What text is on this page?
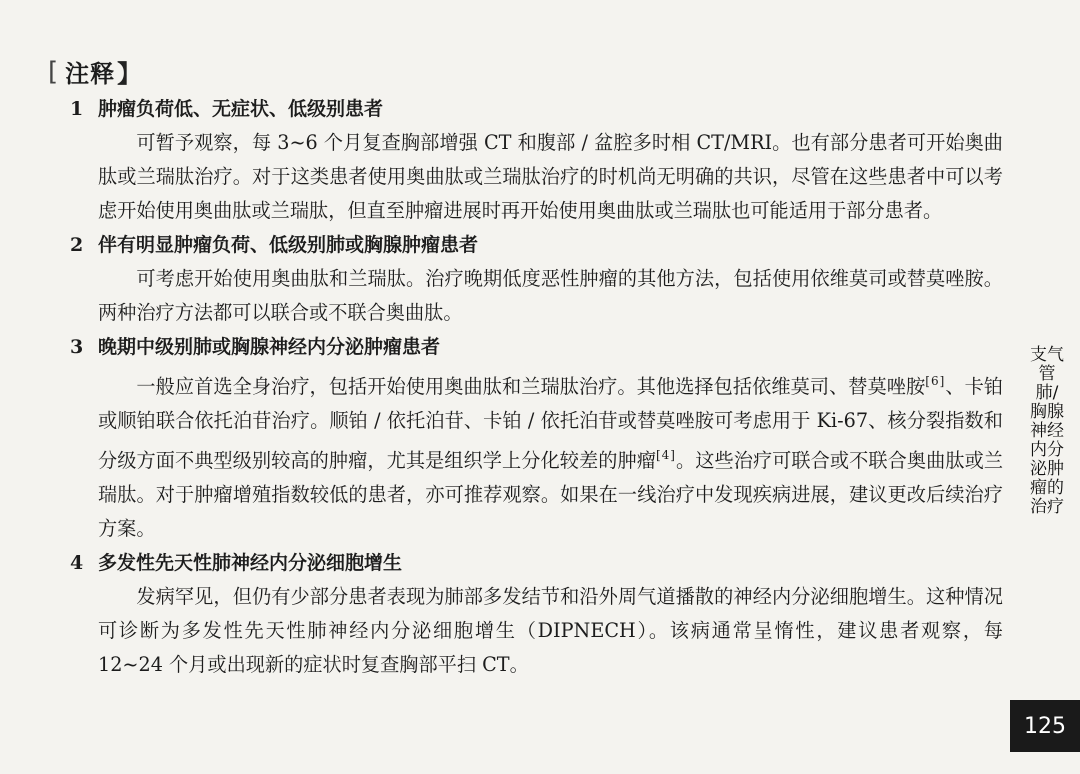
[ 注释 】
1 肿瘤负荷低、无症状、低级别患者
可暂予观察，每 3~6 个月复查胸部增强 CT 和腹部 / 盆腔多时相 CT/MRI。也有部分患者可开始奥曲肽或兰瑞肽治疗。对于这类患者使用奥曲肽或兰瑞肽治疗的时机尚无明确的共识，尽管在这些患者中可以考虑开始使用奥曲肽或兰瑞肽，但直至肿瘤进展时再开始使用奥曲肽或兰瑞肽也可能适用于部分患者。
2 伴有明显肿瘤负荷、低级别肺或胸腺肿瘤患者
可考虑开始使用奥曲肽和兰瑞肽。治疗晚期低度恶性肿瘤的其他方法，包括使用依维莫司或替莫唑胺。两种治疗方法都可以联合或不联合奥曲肽。
3 晚期中级别肺或胸腺神经内分泌肿瘤患者
一般应首选全身治疗，包括开始使用奥曲肽和兰瑞肽治疗。其他选择包括依维莫司、替莫唑胺[6]、卡铂或顺铂联合依托泊苷治疗。顺铂 / 依托泊苷、卡铂 / 依托泊苷或替莫唑胺可考虑用于 Ki-67、核分裂指数和分级方面不典型级别较高的肿瘤，尤其是组织学上分化较差的肿瘤[4]。这些治疗可联合或不联合奥曲肽或兰瑞肽。对于肿瘤增殖指数较低的患者，亦可推荐观察。如果在一线治疗中发现疾病进展，建议更改后续治疗方案。
4 多发性先天性肺神经内分泌细胞增生
发病罕见，但仍有少部分患者表现为肺部多发结节和沿外周气道播散的神经内分泌细胞增生。这种情况可诊断为多发性先天性肺神经内分泌细胞增生（DIPNECH）。该病通常呈惰性，建议患者观察，每 12~24 个月或出现新的症状时复查胸部平扫 CT。
支气管肺/胸腺神经内分泌肿瘤的治疗
125
